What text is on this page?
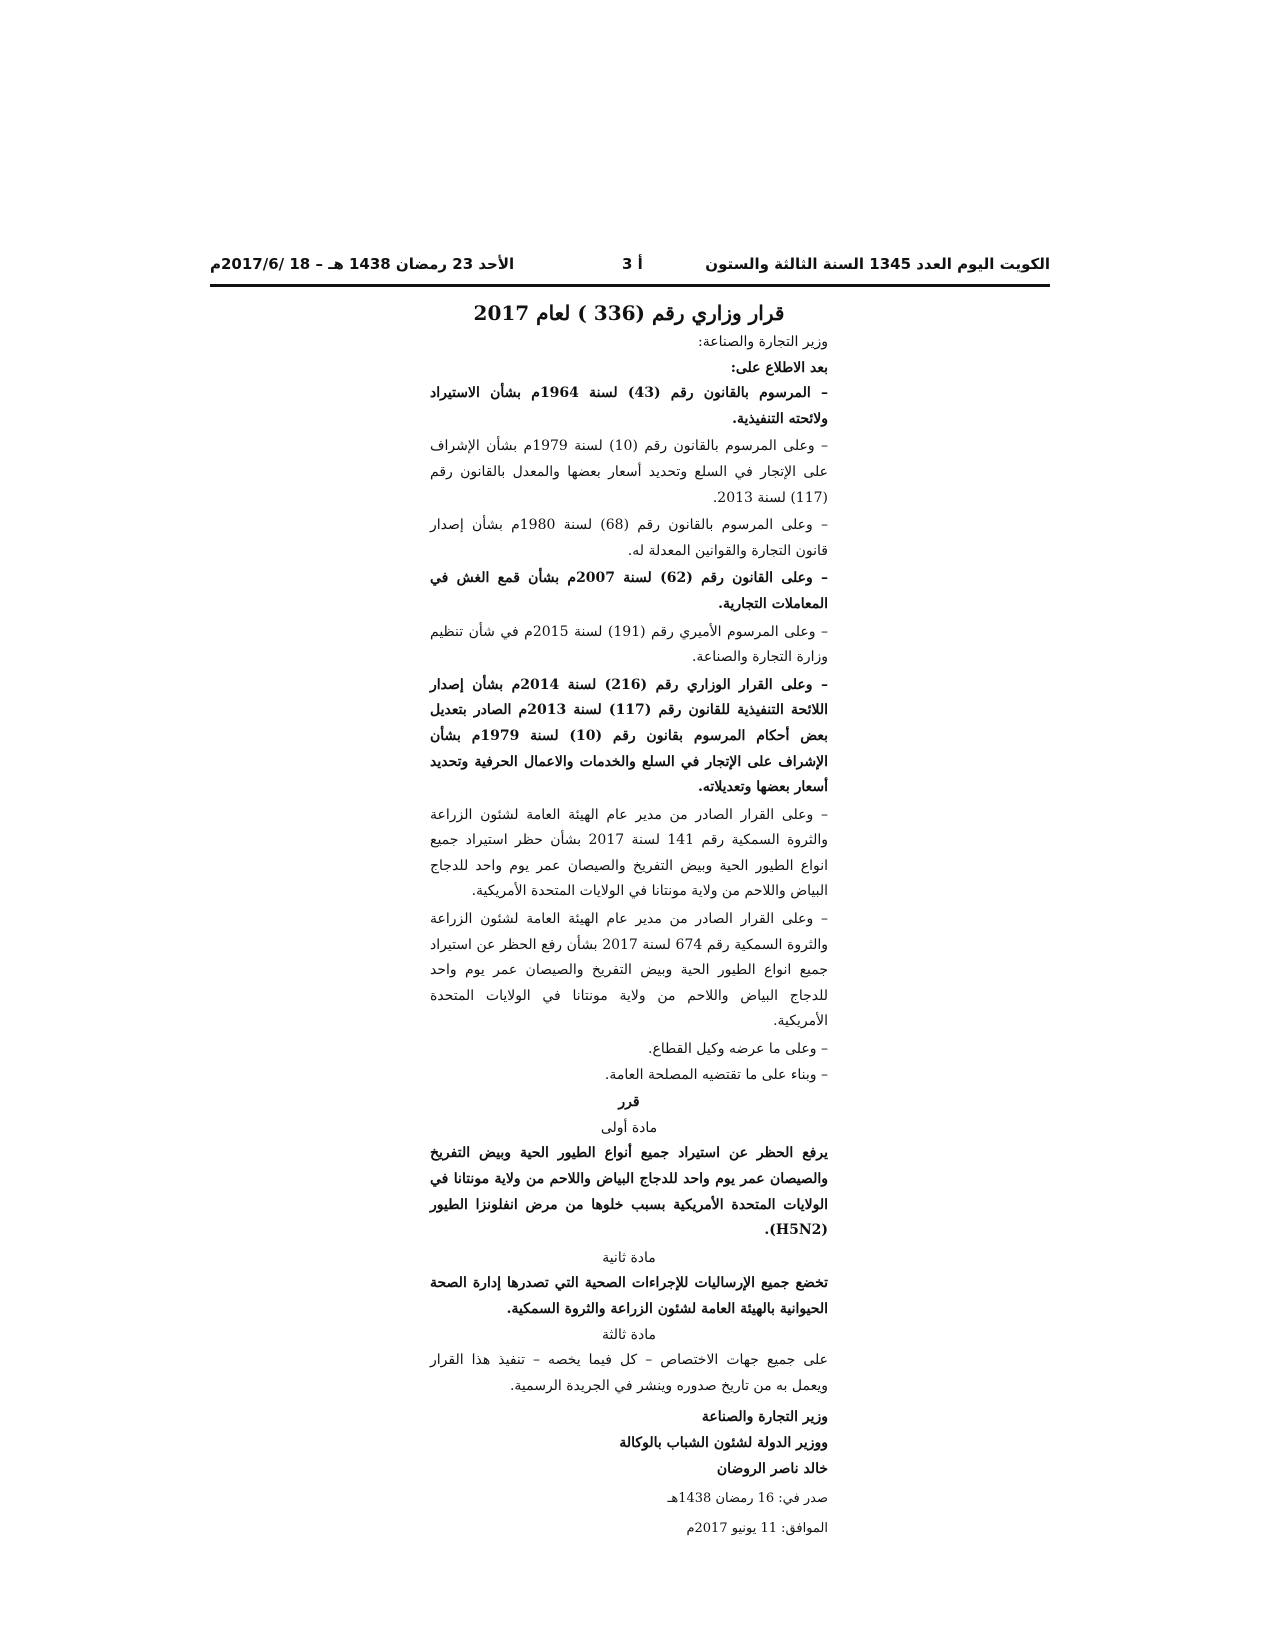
الكويت اليوم العدد 1345 السنة الثالثة والستون
أ 3
الأحد 23 رمضان 1438 هـ – 18 /2017/6م

قرار وزاري رقم (336 ) لعام 2017

وزير التجارة والصناعة:

بعد الاطلاع على:

– المرسوم بالقانون رقم (43) لسنة 1964م بشأن الاستيراد ولائحته التنفيذية.

– وعلى المرسوم بالقانون رقم (10) لسنة 1979م بشأن الإشراف على الإتجار في السلع وتحديد أسعار بعضها والمعدل بالقانون رقم (117) لسنة 2013.

– وعلى المرسوم بالقانون رقم (68) لسنة 1980م بشأن إصدار قانون التجارة والقوانين المعدلة له.

– وعلى القانون رقم (62) لسنة 2007م بشأن قمع الغش في المعاملات التجارية.

– وعلى المرسوم الأميري رقم (191) لسنة 2015م في شأن تنظيم وزارة التجارة والصناعة.

– وعلى القرار الوزاري رقم (216) لسنة 2014م بشأن إصدار اللائحة التنفيذية للقانون رقم (117) لسنة 2013م الصادر بتعديل بعض أحكام المرسوم بقانون رقم (10) لسنة 1979م بشأن الإشراف على الإتجار في السلع والخدمات والاعمال الحرفية وتحديد أسعار بعضها وتعديلاته.

– وعلى القرار الصادر من مدير عام الهيئة العامة لشئون الزراعة والثروة السمكية رقم 141 لسنة 2017 بشأن حظر استيراد جميع انواع الطيور الحية وبيض التفريخ والصيصان عمر يوم واحد للدجاج البياض واللاحم من ولاية مونتانا في الولايات المتحدة الأمريكية.

– وعلى القرار الصادر من مدير عام الهيئة العامة لشئون الزراعة والثروة السمكية رقم 674 لسنة 2017 بشأن رفع الحظر عن استيراد جميع انواع الطيور الحية وبيض التفريخ والصيصان عمر يوم واحد للدجاج البياض واللاحم من ولاية مونتانا في الولايات المتحدة الأمريكية.

– وعلى ما عرضه وكيل القطاع.

– وبناء على ما تقتضيه المصلحة العامة.

قرر

مادة أولى

يرفع الحظر عن استيراد جميع أنواع الطيور الحية وبيض التفريخ والصيصان عمر يوم واحد للدجاج البياض واللاحم من ولاية مونتانا في الولايات المتحدة الأمريكية بسبب خلوها من مرض انفلونزا الطيور (H5N2).

مادة ثانية

تخضع جميع الإرساليات للإجراءات الصحية التي تصدرها إدارة الصحة الحيوانية بالهيئة العامة لشئون الزراعة والثروة السمكية.

مادة ثالثة

على جميع جهات الاختصاص – كل فيما يخصه – تنفيذ هذا القرار ويعمل به من تاريخ صدوره وينشر في الجريدة الرسمية.

وزير التجارة والصناعة

ووزير الدولة لشئون الشباب بالوكالة

خالد ناصر الروضان

صدر في: 16 رمضان 1438هـ

الموافق: 11 يونيو 2017م
